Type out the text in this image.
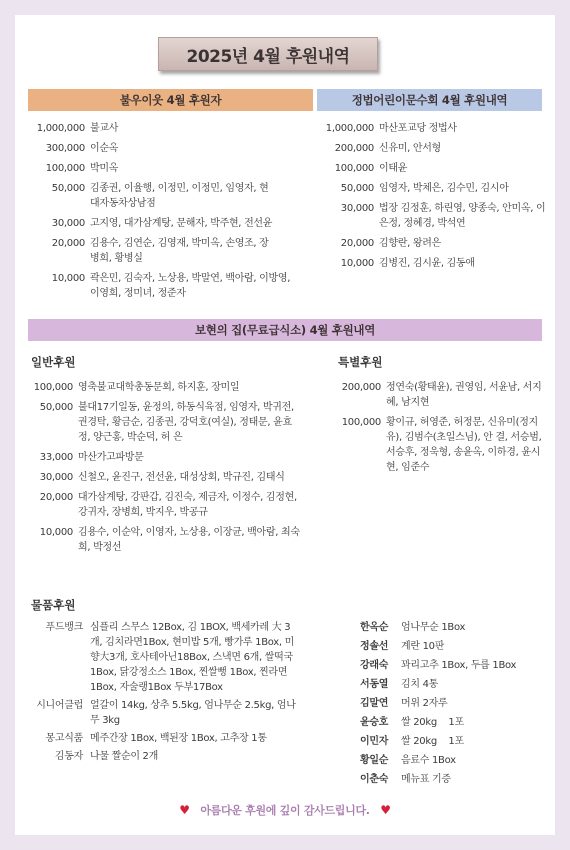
2025년 4월 후원내역
불우이웃 4월 후원자	정법어린이문수회 4월 후원내역
1,000,000 불교사
300,000 이순옥
100,000 박미옥
50,000 김종권, 이율행, 이정민, 이정민, 임영자, 현대자동차상남점
30,000 고지영, 대가삼계탕, 문해자, 박주현, 전선윤
20,000 김용수, 김연순, 김영재, 박미옥, 손영조, 장병희, 황병실
10,000 곽은민, 김숙자, 노상용, 박말연, 백아람, 이방영, 이영희, 정미녀, 정준자
1,000,000 마산포교당 정법사
200,000 신유미, 안서형
100,000 이태윤
50,000 임영자, 박체은, 김수민, 김시아
30,000 법장 김정훈, 하린영, 양종숙, 안미옥, 이은정, 정혜경, 박석연
20,000 김향란, 왕려은
10,000 김병진, 김시윤, 김동애
보현의 집(무료급식소) 4월 후원내역
일반후원	특별후원
100,000 영축불교대학총동문회, 하지훈, 장미일
50,000 불대17기일동, 윤정의, 하동식육점, 임영자, 박귀전, 권경탁, 황금순, 김종권, 강덕호(여실), 정태문, 윤효정, 양근홍, 박순덕, 허 은
33,000 마산가고파방문
30,000 신철오, 윤진구, 전선윤, 대성상회, 박규진, 김태식
20,000 대가삼계탕, 강판갑, 김진숙, 제금자, 이정수, 김정현, 강귀자, 장병희, 박지우, 박공규
10,000 김용수, 이순악, 이영자, 노상용, 이장균, 백아람, 최숙희, 박정선
200,000 정연숙(황태윤), 권영임, 서윤남, 서지혜, 남지현
100,000 황이규, 허영준, 허정문, 신유미(정지유), 김범수(초일스님), 안 결, 서승범, 서승후, 정욱형, 송윤옥, 이하경, 윤시현, 임준수
물품후원
푸드뱅크 심플리 스무스 12Box, 김 1BOX, 백세카레 大 3개, 김치라면1Box, 현미밥 5개, 빵가루 1Box, 미향大3개, 호사테아닌18Box, 스낵면 6개, 쌀떡국1Box, 닭강정소스 1Box, 찐쌀뻥 1Box, 찐라면1Box, 자술랭1Box 두부17Box
시니어클럽 얼갈이 14kg, 상추 5.5kg, 엄나무순 2.5kg, 엄나무 3kg
몽고식품 메주간장 1Box, 백된장 1Box, 고추장 1통
김동자 나물 짤순이 2개
한옥순	엄나무순 1Box
정솔선	계란 10판
강래숙	꽈리고추 1Box, 두릅 1Box
서동열	김치 4통
김말연	머위 2자루
윤승호	쌀 20kg    1포
이민자	쌀 20kg    1포
황일순	음료수 1Box
이춘숙	메뉴표 기증
♥ 아름다운 후원에 깊이 감사드립니다. ♥
